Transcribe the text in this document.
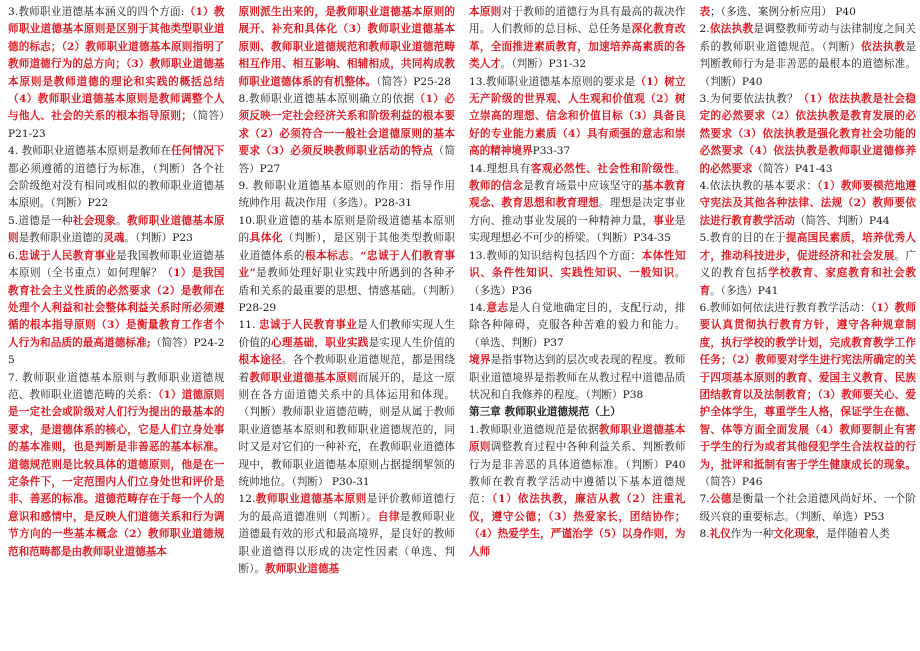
3.教师职业道德基本涵义的四个方面:（1）教师职业道德基本原则是区别于其他类型职业道德的标志；（2）教师职业道德基本原则指明了教师道德行为的总方向；（3）教师职业道德基本原则是教师道德的理论和实践的概括总结（4）教师职业道德基本原则是教师调整个人与他人、社会的关系的根本指导原则；（简答）P21-23

4. 教师职业道德基本原则是教师在任何情况下都必须遵循的道德行为标准，（判断）各个社会阶级绝对没有相同或相似的教师职业道德基本原则。（判断）P22

5.道德是一种社会现象。教师职业道德基本原则是教师职业道德的灵魂。（判断）P23

6.忠诚于人民教育事业是我国教师职业道德基本原则（全书重点）如何理解？（1）是我国教育社会主义性质的必然要求（2）是教师在处理个人利益和社会整体利益关系时所必须遵循的根本指导原则（3）是衡量教育工作者个人行为和品质的最高道德标准;（简答）P24-25

7. 教师职业道德基本原则与教师职业道德规范、教师职业道德范畴的关系：（1）道德原则是一定社会或阶级对人们行为提出的最基本的要求，是道德体系的核心，它是人们立身处事的基本准则，也是判断是非善恶的基本标准。道德规范则是比较具体的道德原则，他是在一定条件下，一定范围内人们立身处世和评价是非、善恶的标准。道德范畴存在于每一个人的意识和感情中，是反映人们道德关系和行为调节方向的一些基本概念（2）教师职业道德规范和范畴都是由教师职业道德基本

原则派生出来的，是教师职业道德基本原则的展开、补充和具体化（3）教师职业道德基本原则、教师职业道德规范和教师职业道德范畴相互作用、相互影响、相辅相成，共同构成教师职业道德体系的有机整体。（简答）P25-28

8.教师职业道德基本原则确立的依据（1）必须反映一定社会经济关系和阶级利益的根本要求（2）必须符合一一般社会道德原则的基本要求（3）必须反映教师职业活动的特点（简答）P27

9. 教师职业道德基本原则的作用：指导作用 统帅作用 裁决作用（多选）。P28-31

10.职业道德的基本原则是阶级道德基本原则的具体化（判断），是区别于其他类型教师职业道德体系的根本标志。“忠诚于人们教育事业”是教师处理好职业实践中所遇到的各种矛盾和关系的最重要的思想、情感基础。（判断）P28-29

11. 忠诚于人民教育事业是人们教师实现人生价值的心理基础，职业实践是实现人生价值的根本途径。各个教师职业道德规范，都是围绕着教师职业道德基本原则而展开的，是这一原则在各方面道德关系中的具体运用和体现。（判断）教师职业道德范畴，则是从属于教师职业道德基本原则和教师职业道德规范的，同时又是对它们的一种补充，在教师职业道德体现中，教师职业道德基本原则占据提纲挈领的统帅地位。（判断） P30-31

12.教师职业道德基本原则是评价教师道德行为的最高道德准则（判断）。自律是教师职业道德最有效的形式和最高境界，是良好的教师职业道德得以形成的决定性因素（单选、判断）。教师职业道德基

本原则对于教师的道德行为具有最高的裁决作用。人们教师的总目标、总任务是深化教育改革，全面推进素质教育，加速培养高素质的各类人才。（判断）P31-32

13.教师职业道德基本原则的要求是（1）树立无产阶级的世界观、人生观和价值观（2）树立崇高的理想、信念和价值目标（3）具备良好的专业能力素质（4）具有顽强的意志和崇高的精神境界P33-37

14.理想具有客观必然性、社会性和阶级性。教师的信念是教育场景中应该坚守的基本教育观念、教育思想和教育理想。理想是决定事业方向、推动事业发展的一种精神力量，事业是实现理想必不可少的桥梁。（判断）P34-35

13.教师的知识结构包括四个方面：本体性知识、条件性知识、实践性知识、一般知识。（多选）P36

14.意志是人自觉地确定目的，支配行动，排除各种障碍，克服各种苦难的毅力和能力。（单选、判断）P37

境界是指事物达到的层次或表现的程度。教师职业道德境界是指教师在从教过程中道德品质状况和自我修养的程度。（判断）P38

第三章 教师职业道德规范（上）

1.教师职业道德规范是依据教师职业道德基本原则调整教育过程中各种利益关系、判断教师行为是非善恶的具体道德标准。（判断）P40 教师在教育教学活动中遵循以下基本道德规范：（1）依法执教，廉洁从教（2）注重礼仪，遵守公德；（3）热爱家长，团结协作；（4）热爱学生，严谨治学（5）以身作则，为人师

表；（多选、案例分析应用） P40

2.依法执教是调整教师劳动与法律制度之间关系的教师职业道德规范。（判断）依法执教是判断教师行为是非善恶的最根本的道德标准。（判断）P40

3.为何要依法执教？（1）依法执教是社会稳定的必然要求（2）依法执教是教育发展的必然要求（3）依法执教是强化教育社会功能的必然要求（4）依法执教是教师职业道德修养的必然要求（简答）P41-43

4.依法执教的基本要求：（1）教师要模范地遵守宪法及其他各种法律、法规（2）教师要依法进行教育教学活动（简答、判断）P44

5.教育的目的在于提高国民素质，培养优秀人才，推动科技进步，促进经济和社会发展。广义的教育包括学校教育、家庭教育和社会教育。（多选）P41

6.教师如何依法进行教育教学活动：（1）教师要认真贯彻执行教育方针，遵守各种规章制度，执行学校的教学计划，完成教育教学工作任务；（2）教师要对学生进行宪法所确定的关于四项基本原则的教育、爱国主义教育、民族团结教育以及法制教育；（3）教师要关心、爱护全体学生，尊重学生人格，保证学生在德、智、体等方面全面发展（4）教师要制止有害于学生的行为或者其他侵犯学生合法权益的行为，批评和抵制有害于学生健康成长的现象。（简答）P46

7.公德是衡量一个社会道德风尚好坏、一个阶级兴衰的重要标志。（判断、单选）P53

8.礼仪作为一种文化现象，是伴随着人类
